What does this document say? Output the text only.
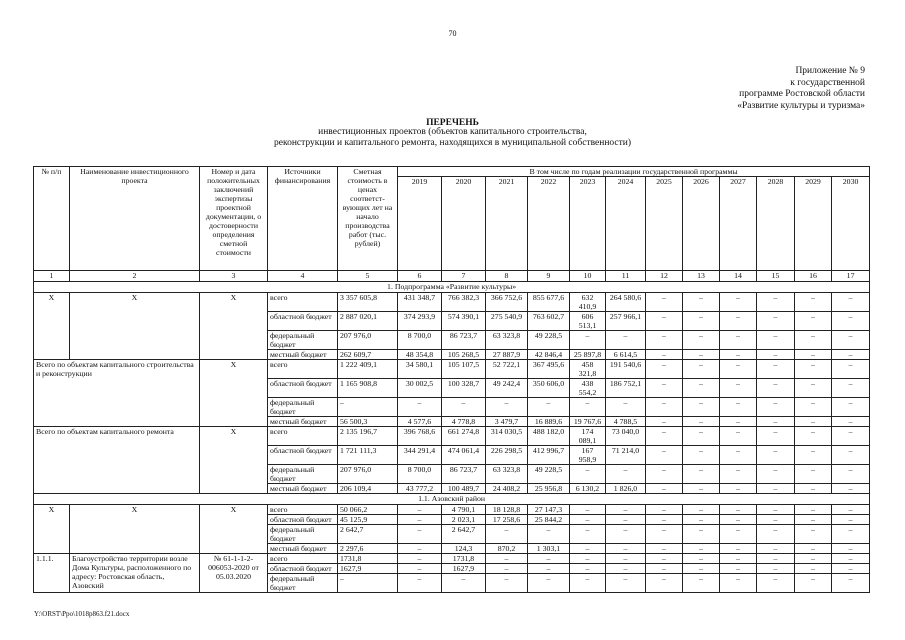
70
Приложение № 9
к государственной
программе Ростовской области
«Развитие культуры и туризма»
ПЕРЕЧЕНЬ
инвестиционных проектов (объектов капитального строительства,
реконструкции и капитального ремонта, находящихся в муниципальной собственности)
№ п/п	Наименование инвестиционного проекта	Номер и дата положительных заключений экспертизы проектной документации, о достоверности определения сметной стоимости	Источники финансирования	Сметная стоимость в ценах соответст-вующих лет на начало производства работ (тыс. рублей)	В том числе по годам реализации государственной программы											
					2019	2020	2021	2022	2023	2024	2025	2026	2027	2028	2029	2030
1	2	3	4	5	6	7	8	9	10	11	12	13	14	15	16	17
1. Подпрограмма «Развитие культуры»																
Х	Х	Х	всего	3 357 605,8	431 348,7	766 382,3	366 752,6	855 677,6	632 410,9	264 580,6	–	–	–	–	–	–
			областной бюджет	2 887 020,1	374 293,9	574 390,1	275 540,9	763 602,7	606 513,1	257 966,1	–	–	–	–	–	–
			федеральный бюджет	207 976,0	8 700,0	86 723,7	63 323,8	49 228,5	–	–	–	–	–	–	–	–
			местный бюджет	262 609,7	48 354,8	105 268,5	27 887,9	42 846,4	25 897,8	6 614,5	–	–	–	–	–	–
Всего по объектам капитального строительства и реконструкции		Х	всего	1 222 409,1	34 580,1	105 107,5	52 722,1	367 495,6	458 321,8	191 540,6	–	–	–	–	–	–
			областной бюджет	1 165 908,8	30 002,5	100 328,7	49 242,4	350 606,0	438 554,2	186 752,1	–	–	–	–	–	–
			федеральный бюджет	–	–	–	–	–	–	–	–	–	–	–	–	–
			местный бюджет	56 500,3	4 577,6	4 778,8	3 479,7	16 889,6	19 767,6	4 788,5	–	–	–	–	–	–
Всего по объектам капитального ремонта		Х	всего	2 135 196,7	396 768,6	661 274,8	314 030,5	488 182,0	174 089,1	73 040,0	–	–	–	–	–	–
			областной бюджет	1 721 111,3	344 291,4	474 061,4	226 298,5	412 996,7	167 958,9	71 214,0	–	–	–	–	–	–
			федеральный бюджет	207 976,0	8 700,0	86 723,7	63 323,8	49 228,5	–	–	–	–	–	–	–	–
			местный бюджет	206 109,4	43 777,2	100 489,7	24 408,2	25 956,8	6 130,2	1 826,0	–	–	–	–	–	–
1.1. Азовский район																
Х	Х	Х	всего	50 066,2	–	4 790,1	18 128,8	27 147,3	–	–	–	–	–	–	–	–
			областной бюджет	45 125,9	–	2 023,1	17 258,6	25 844,2	–	–	–	–	–	–	–	–
			федеральный бюджет	2 642,7	–	2 642,7	–	–	–	–	–	–	–	–	–	–
			местный бюджет	2 297,6	–	124,3	870,2	1 303,1	–	–	–	–	–	–	–	–
1.1.1.	Благоустройство территории возле Дома Культуры, расположенного по адресу: Ростовская область, Азовский	№ 61-1-1-2-006053-2020 от 05.03.2020	всего	1731,8	–	1731,8	–	–	–	–	–	–	–	–	–	–
			областной бюджет	1627,9	–	1627,9	–	–	–	–	–	–	–	–	–	–
			федеральный бюджет	–	–	–	–	–	–	–	–	–	–	–	–	–
Y:\ORST\Ppo\1018p863.f21.docx
